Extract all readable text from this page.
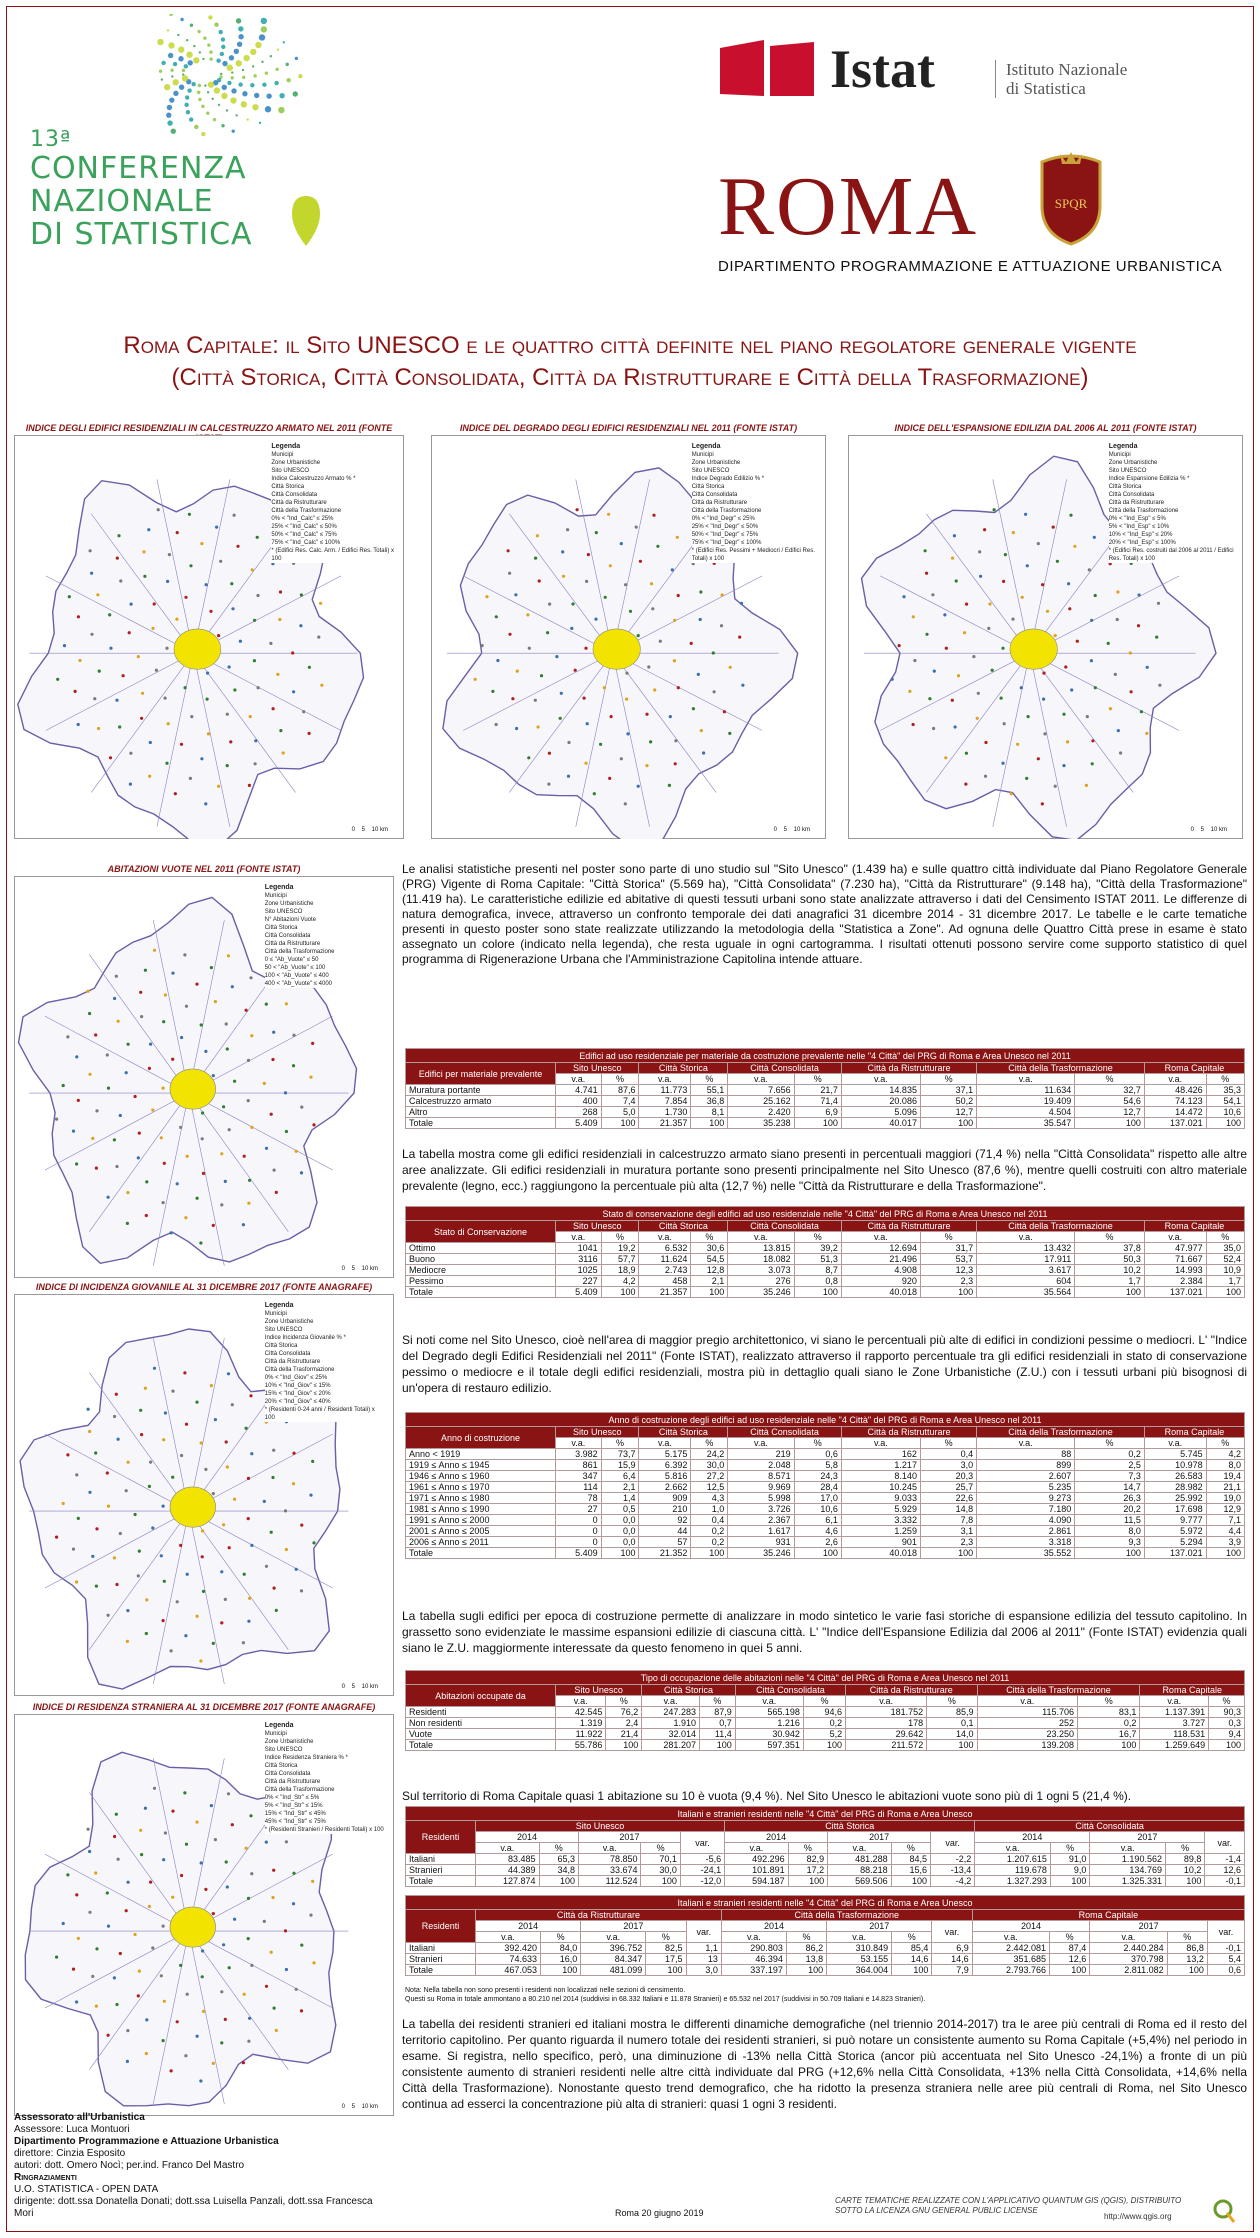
13ª
CONFERENZA
NAZIONALE
DI STATISTICA
Istat	Istituto Nazionale
di Statistica
ROMA	SPQR
DIPARTIMENTO PROGRAMMAZIONE E ATTUAZIONE URBANISTICA
Roma Capitale: il Sito UNESCO e le quattro città definite nel piano regolatore generale vigente
(Città Storica, Città Consolidata, Città da Ristrutturare e Città della Trasformazione)
INDICE DEGLI EDIFICI RESIDENZIALI IN CALCESTRUZZO ARMATO NEL 2011 (FONTE
Legenda
Municipi
Zone Urbanistiche
Sito UNESCO
Indice Calcestruzzo Armato % *
Città Storica
Città Consolidata
Città da Ristrutturare
Città della Trasformazione
0% < "Ind_Calc" ≤ 25%
25% < "Ind_Calc" ≤ 50%
50% < "Ind_Calc" ≤ 75%
75% < "Ind_Calc" ≤ 100%
* (Edifici Res. Calc. Arm. / Edifici Res. Totali) x 100
0    5    10 km
INDICE DEL DEGRADO DEGLI EDIFICI RESIDENZIALI NEL 2011 (FONTE ISTAT)
Legenda
Municipi
Zone Urbanistiche
Sito UNESCO
Indice Degrado Edilizio % *
Città Storica
Città Consolidata
Città da Ristrutturare
Città della Trasformazione
0% < "Ind_Degr" ≤ 25%
25% < "Ind_Degr" ≤ 50%
50% < "Ind_Degr" ≤ 75%
75% < "Ind_Degr" ≤ 100%
* (Edifici Res. Pessimi + Mediocri / Edifici Res. Totali) x 100
0    5    10 km
INDICE DELL'ESPANSIONE EDILIZIA DAL 2006 AL 2011 (FONTE ISTAT)
Legenda
Municipi
Zone Urbanistiche
Sito UNESCO
Indice Espansione Edilizia % *
Città Storica
Città Consolidata
Città da Ristrutturare
Città della Trasformazione
0% < "Ind_Esp" ≤ 5%
5% < "Ind_Esp" ≤ 10%
10% < "Ind_Esp" ≤ 20%
20% < "Ind_Esp" ≤ 100%
* (Edifici Res. costruiti dal 2006 al 2011 / Edifici Res. Totali) x 100
0    5    10 km
ABITAZIONI VUOTE NEL 2011 (FONTE ISTAT)
Legenda
Municipi
Zone Urbanistiche
Sito UNESCO
N° Abitazioni Vuote
Città Storica
Città Consolidata
Città da Ristrutturare
Città della Trasformazione
0 ≤ "Ab_Vuote" ≤ 50
50 < "Ab_Vuote" ≤ 100
100 < "Ab_Vuote" ≤ 400
400 < "Ab_Vuote" ≤ 4000
0    5    10 km
INDICE DI INCIDENZA GIOVANILE AL 31 DICEMBRE 2017 (FONTE ANAGRAFE)
Legenda
Municipi
Zone Urbanistiche
Sito UNESCO
Indice Incidenza Giovanile % *
Città Storica
Città Consolidata
Città da Ristrutturare
Città della Trasformazione
0% < "Ind_Giov" ≤ 25%
10% < "Ind_Giov" ≤ 15%
15% < "Ind_Giov" ≤ 20%
20% < "Ind_Giov" ≤ 40%
* (Residenti 0-24 anni / Residenti Totali) x 100
0    5    10 km
INDICE DI RESIDENZA STRANIERA AL 31 DICEMBRE 2017 (FONTE ANAGRAFE)
Legenda
Municipi
Zone Urbanistiche
Sito UNESCO
Indice Residenza Straniera % *
Città Storica
Città Consolidata
Città da Ristrutturare
Città della Trasformazione
0% < "Ind_Str" ≤ 5%
5% < "Ind_Str" ≤ 15%
15% < "Ind_Str" ≤ 45%
45% < "Ind_Str" ≤ 75%
* (Residenti Stranieri / Residenti Totali) x 100
0    5    10 km
Le analisi statistiche presenti nel poster sono parte di uno studio sul "Sito Unesco" (1.439 ha) e sulle quattro città individuate dal Piano Regolatore Generale (PRG) Vigente di Roma Capitale: "Città Storica" (5.569 ha), "Città Consolidata" (7.230 ha), "Città da Ristrutturare" (9.148 ha), "Città della Trasformazione" (11.419 ha). Le caratteristiche edilizie ed abitative di questi tessuti urbani sono state analizzate attraverso i dati del Censimento ISTAT 2011. Le differenze di natura demografica, invece, attraverso un confronto temporale dei dati anagrafici 31 dicembre 2014 - 31 dicembre 2017. Le tabelle e le carte tematiche presenti in questo poster sono state realizzate utilizzando la metodologia della "Statistica a Zone". Ad ognuna delle Quattro Città prese in esame è stato assegnato un colore (indicato nella legenda), che resta uguale in ogni cartogramma. I risultati ottenuti possono servire come supporto statistico di quel programma di Rigenerazione Urbana che l'Amministrazione Capitolina intende attuare.
Edifici ad uso residenziale per materiale da costruzione prevalente nelle "4 Città" del PRG di Roma e Area Unesco nel 2011												
Edifici per materiale prevalente	Sito Unesco		Città Storica		Città Consolidata		Città da Ristrutturare		Città della Trasformazione		Roma Capitale	
	v.a.	%	v.a.	%	v.a.	%	v.a.	%	v.a.	%	v.a.	%
Muratura portante	4.741	87,6	11.773	55,1	7.656	21,7	14.835	37,1	11.634	32,7	48.426	35,3
Calcestruzzo armato	400	7,4	7.854	36,8	25.162	71,4	20.086	50,2	19.409	54,6	74.123	54,1
Altro	268	5,0	1.730	8,1	2.420	6,9	5.096	12,7	4.504	12,7	14.472	10,6
Totale	5.409	100	21.357	100	35.238	100	40.017	100	35.547	100	137.021	100
La tabella mostra come gli edifici residenziali in calcestruzzo armato siano presenti in percentuali maggiori (71,4 %) nella "Città Consolidata" rispetto alle altre aree analizzate. Gli edifici residenziali in muratura portante sono presenti principalmente nel Sito Unesco (87,6 %), mentre quelli costruiti con altro materiale prevalente (legno, ecc.) raggiungono la percentuale più alta (12,7 %) nelle "Città da Ristrutturare e della Trasformazione".
Stato di conservazione degli edifici ad uso residenziale nelle "4 Città" del PRG di Roma e Area Unesco nel 2011												
Stato di Conservazione	Sito Unesco		Città Storica		Città Consolidata		Città da Ristrutturare		Città della Trasformazione		Roma Capitale	
	v.a.	%	v.a.	%	v.a.	%	v.a.	%	v.a.	%	v.a.	%
Ottimo	1041	19,2	6.532	30,6	13.815	39,2	12.694	31,7	13.432	37,8	47.977	35,0
Buono	3116	57,7	11.624	54,5	18.082	51,3	21.496	53,7	17.911	50,3	71.667	52,4
Mediocre	1025	18,9	2.743	12,8	3.073	8,7	4.908	12,3	3.617	10,2	14.993	10,9
Pessimo	227	4,2	458	2,1	276	0,8	920	2,3	604	1,7	2.384	1,7
Totale	5.409	100	21.357	100	35.246	100	40.018	100	35.564	100	137.021	100
Si noti come nel Sito Unesco, cioè nell'area di maggior pregio architettonico, vi siano le percentuali più alte di edifici in condizioni pessime o mediocri. L' "Indice del Degrado degli Edifici Residenziali nel 2011" (Fonte ISTAT), realizzato attraverso il rapporto percentuale tra gli edifici residenziali in stato di conservazione pessimo o mediocre e il totale degli edifici residenziali, mostra più in dettaglio quali siano le Zone Urbanistiche (Z.U.) con i tessuti urbani più bisognosi di un'opera di restauro edilizio.
Anno di costruzione degli edifici ad uso residenziale nelle "4 Città" del PRG di Roma e Area Unesco nel 2011												
Anno di costruzione	Sito Unesco		Città Storica		Città Consolidata		Città da Ristrutturare		Città della Trasformazione		Roma Capitale	
	v.a.	%	v.a.	%	v.a.	%	v.a.	%	v.a.	%	v.a.	%
Anno < 1919	3.982	73,7	5.175	24,2	219	0,6	162	0,4	88	0,2	5.745	4,2
1919 ≤ Anno ≤ 1945	861	15,9	6.392	30,0	2.048	5,8	1.217	3,0	899	2,5	10.978	8,0
1946 ≤ Anno ≤ 1960	347	6,4	5.816	27,2	8.571	24,3	8.140	20,3	2.607	7,3	26.583	19,4
1961 ≤ Anno ≤ 1970	114	2,1	2.662	12,5	9.969	28,4	10.245	25,7	5.235	14,7	28.982	21,1
1971 ≤ Anno ≤ 1980	78	1,4	909	4,3	5.998	17,0	9.033	22,6	9.273	26,3	25.992	19,0
1981 ≤ Anno ≤ 1990	27	0,5	210	1,0	3.726	10,6	5.929	14,8	7.180	20,2	17.698	12,9
1991 ≤ Anno ≤ 2000	0	0,0	92	0,4	2.367	6,1	3.332	7,8	4.090	11,5	9.777	7,1
2001 ≤ Anno ≤ 2005	0	0,0	44	0,2	1.617	4,6	1.259	3,1	2.861	8,0	5.972	4,4
2006 ≤ Anno ≤ 2011	0	0,0	57	0,2	931	2,6	901	2,3	3.318	9,3	5.294	3,9
Totale	5.409	100	21.352	100	35.246	100	40.018	100	35.552	100	137.021	100
La tabella sugli edifici per epoca di costruzione permette di analizzare in modo sintetico le varie fasi storiche di espansione edilizia del tessuto capitolino. In grassetto sono evidenziate le massime espansioni edilizie di ciascuna città. L' "Indice dell'Espansione Edilizia dal 2006 al 2011" (Fonte ISTAT) evidenzia quali siano le Z.U. maggiormente interessate da questo fenomeno in quei 5 anni.
Tipo di occupazione delle abitazioni nelle "4 Città" del PRG di Roma e Area Unesco nel 2011												
Abitazioni occupate da	Sito Unesco		Città Storica		Città Consolidata		Città da Ristrutturare		Città della Trasformazione		Roma Capitale	
	v.a.	%	v.a.	%	v.a.	%	v.a.	%	v.a.	%	v.a.	%
Residenti	42.545	76,2	247.283	87,9	565.198	94,6	181.752	85,9	115.706	83,1	1.137.391	90,3
Non residenti	1.319	2,4	1.910	0,7	1.216	0,2	178	0,1	252	0,2	3.727	0,3
Vuote	11.922	21,4	32.014	11,4	30.942	5,2	29.642	14,0	23.250	16,7	118.531	9,4
Totale	55.786	100	281.207	100	597.351	100	211.572	100	139.208	100	1.259.649	100
Sul territorio di Roma Capitale quasi 1 abitazione su 10 è vuota (9,4 %). Nel Sito Unesco le abitazioni vuote sono più di 1 ogni 5 (21,4 %).
Italiani e stranieri residenti nelle "4 Città" del PRG di Roma e Area Unesco															
Residenti	Sito Unesco					Città Storica					Città Consolidata				
	2014		2017		var.	2014		2017		var.	2014		2017		var.
	v.a.	%	v.a.	%		v.a.	%	v.a.	%		v.a.	%	v.a.	%	
Italiani	83.485	65,3	78.850	70,1	-5,6	492.296	82,9	481.288	84,5	-2,2	1.207.615	91,0	1.190.562	89,8	-1,4
Stranieri	44.389	34,8	33.674	30,0	-24,1	101.891	17,2	88.218	15,6	-13,4	119.678	9,0	134.769	10,2	12,6
Totale	127.874	100	112.524	100	-12,0	594.187	100	569.506	100	-4,2	1.327.293	100	1.325.331	100	-0,1
Italiani e stranieri residenti nelle "4 Città" del PRG di Roma e Area Unesco															
Residenti	Città da Ristrutturare					Città della Trasformazione					Roma Capitale				
	2014		2017		var.	2014		2017		var.	2014		2017		var.
	v.a.	%	v.a.	%		v.a.	%	v.a.	%		v.a.	%	v.a.	%	
Italiani	392.420	84,0	396.752	82,5	1,1	290.803	86,2	310.849	85,4	6,9	2.442.081	87,4	2.440.284	86,8	-0,1
Stranieri	74.633	16,0	84.347	17,5	13	46.394	13,8	53.155	14,6	14,6	351.685	12,6	370.798	13,2	5,4
Totale	467.053	100	481.099	100	3,0	337.197	100	364.004	100	7,9	2.793.766	100	2.811.082	100	0,6
Nota: Nella tabella non sono presenti i residenti non localizzati nelle sezioni di censimento.
Questi su Roma in totale ammontano a 80.210 nel 2014 (suddivisi in 68.332 Italiani e 11.878 Stranieri) e 65.532 nel 2017 (suddivisi in 50.709 Italiani e 14.823 Stranieri).
La tabella dei residenti stranieri ed italiani mostra le differenti dinamiche demografiche (nel triennio 2014-2017) tra le aree più centrali di Roma ed il resto del territorio capitolino. Per quanto riguarda il numero totale dei residenti stranieri, si può notare un consistente aumento su Roma Capitale (+5,4%) nel periodo in esame. Si registra, nello specifico, però, una diminuzione di -13% nella Città Storica (ancor più accentuata nel Sito Unesco -24,1%) a fronte di un più consistente aumento di stranieri residenti nelle altre città individuate dal PRG (+12,6% nella Città Consolidata, +13% nella Città Consolidata, +14,6% nella Città della Trasformazione). Nonostante questo trend demografico, che ha ridotto la presenza straniera nelle aree più centrali di Roma, nel Sito Unesco continua ad esserci la concentrazione più alta di stranieri: quasi 1 ogni 3 residenti.
Assessorato all'Urbanistica
Assessore: Luca Montuori
Dipartimento Programmazione e Attuazione Urbanistica
direttore: Cinzia Esposito
autori: dott. Omero Nocì; per.ind. Franco Del Mastro
Ringraziamenti
U.O. STATISTICA - OPEN DATA
dirigente: dott.ssa Donatella Donati; dott.ssa Luisella Panzali, dott.ssa Francesca Mori	Roma 20 giugno 2019
CARTE TEMATICHE REALIZZATE CON L'APPLICATIVO QUANTUM GIS (QGIS), DISTRIBUITO SOTTO LA LICENZA GNU GENERAL PUBLIC LICENSE
http://www.qgis.org
